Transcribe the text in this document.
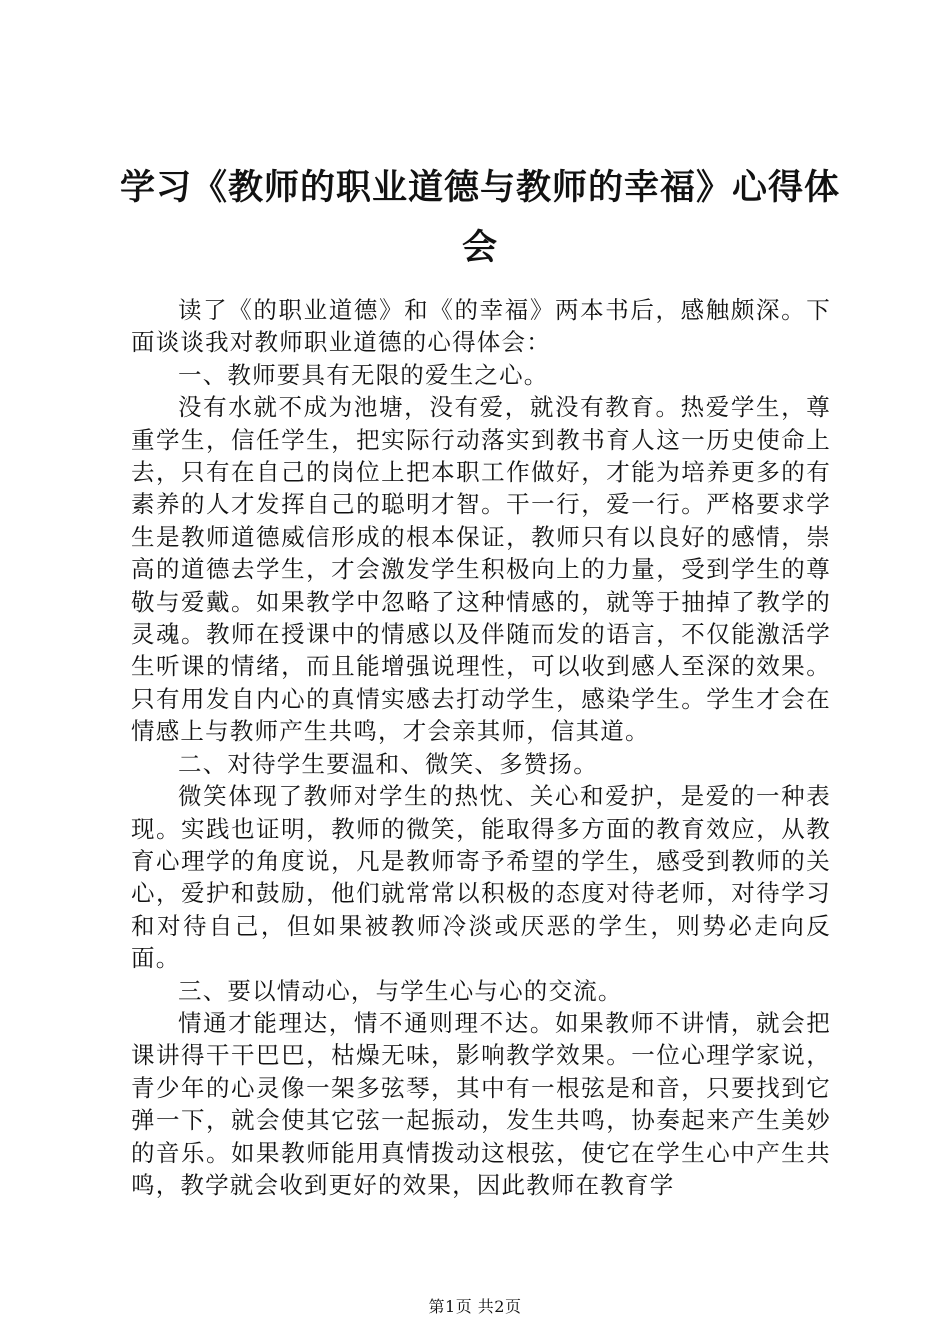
学习《教师的职业道德与教师的幸福》心得体会

读了《的职业道德》和《的幸福》两本书后，感触颇深。下面谈谈我对教师职业道德的心得体会：

一、教师要具有无限的爱生之心。

没有水就不成为池塘，没有爱，就没有教育。热爱学生，尊重学生，信任学生，把实际行动落实到教书育人这一历史使命上去，只有在自己的岗位上把本职工作做好，才能为培养更多的有素养的人才发挥自己的聪明才智。干一行，爱一行。严格要求学生是教师道德威信形成的根本保证，教师只有以良好的感情，崇高的道德去学生，才会激发学生积极向上的力量，受到学生的尊敬与爱戴。如果教学中忽略了这种情感的，就等于抽掉了教学的灵魂。教师在授课中的情感以及伴随而发的语言，不仅能激活学生听课的情绪，而且能增强说理性，可以收到感人至深的效果。只有用发自内心的真情实感去打动学生，感染学生。学生才会在情感上与教师产生共鸣，才会亲其师，信其道。

二、对待学生要温和、微笑、多赞扬。

微笑体现了教师对学生的热忱、关心和爱护，是爱的一种表现。实践也证明，教师的微笑，能取得多方面的教育效应，从教育心理学的角度说，凡是教师寄予希望的学生，感受到教师的关心，爱护和鼓励，他们就常常以积极的态度对待老师，对待学习和对待自己，但如果被教师冷淡或厌恶的学生，则势必走向反面。

三、要以情动心，与学生心与心的交流。

情通才能理达，情不通则理不达。如果教师不讲情，就会把课讲得干干巴巴，枯燥无味，影响教学效果。一位心理学家说，青少年的心灵像一架多弦琴，其中有一根弦是和音，只要找到它弹一下，就会使其它弦一起振动，发生共鸣，协奏起来产生美妙的音乐。如果教师能用真情拨动这根弦，使它在学生心中产生共鸣，教学就会收到更好的效果，因此教师在教育学

第1页 共2页
